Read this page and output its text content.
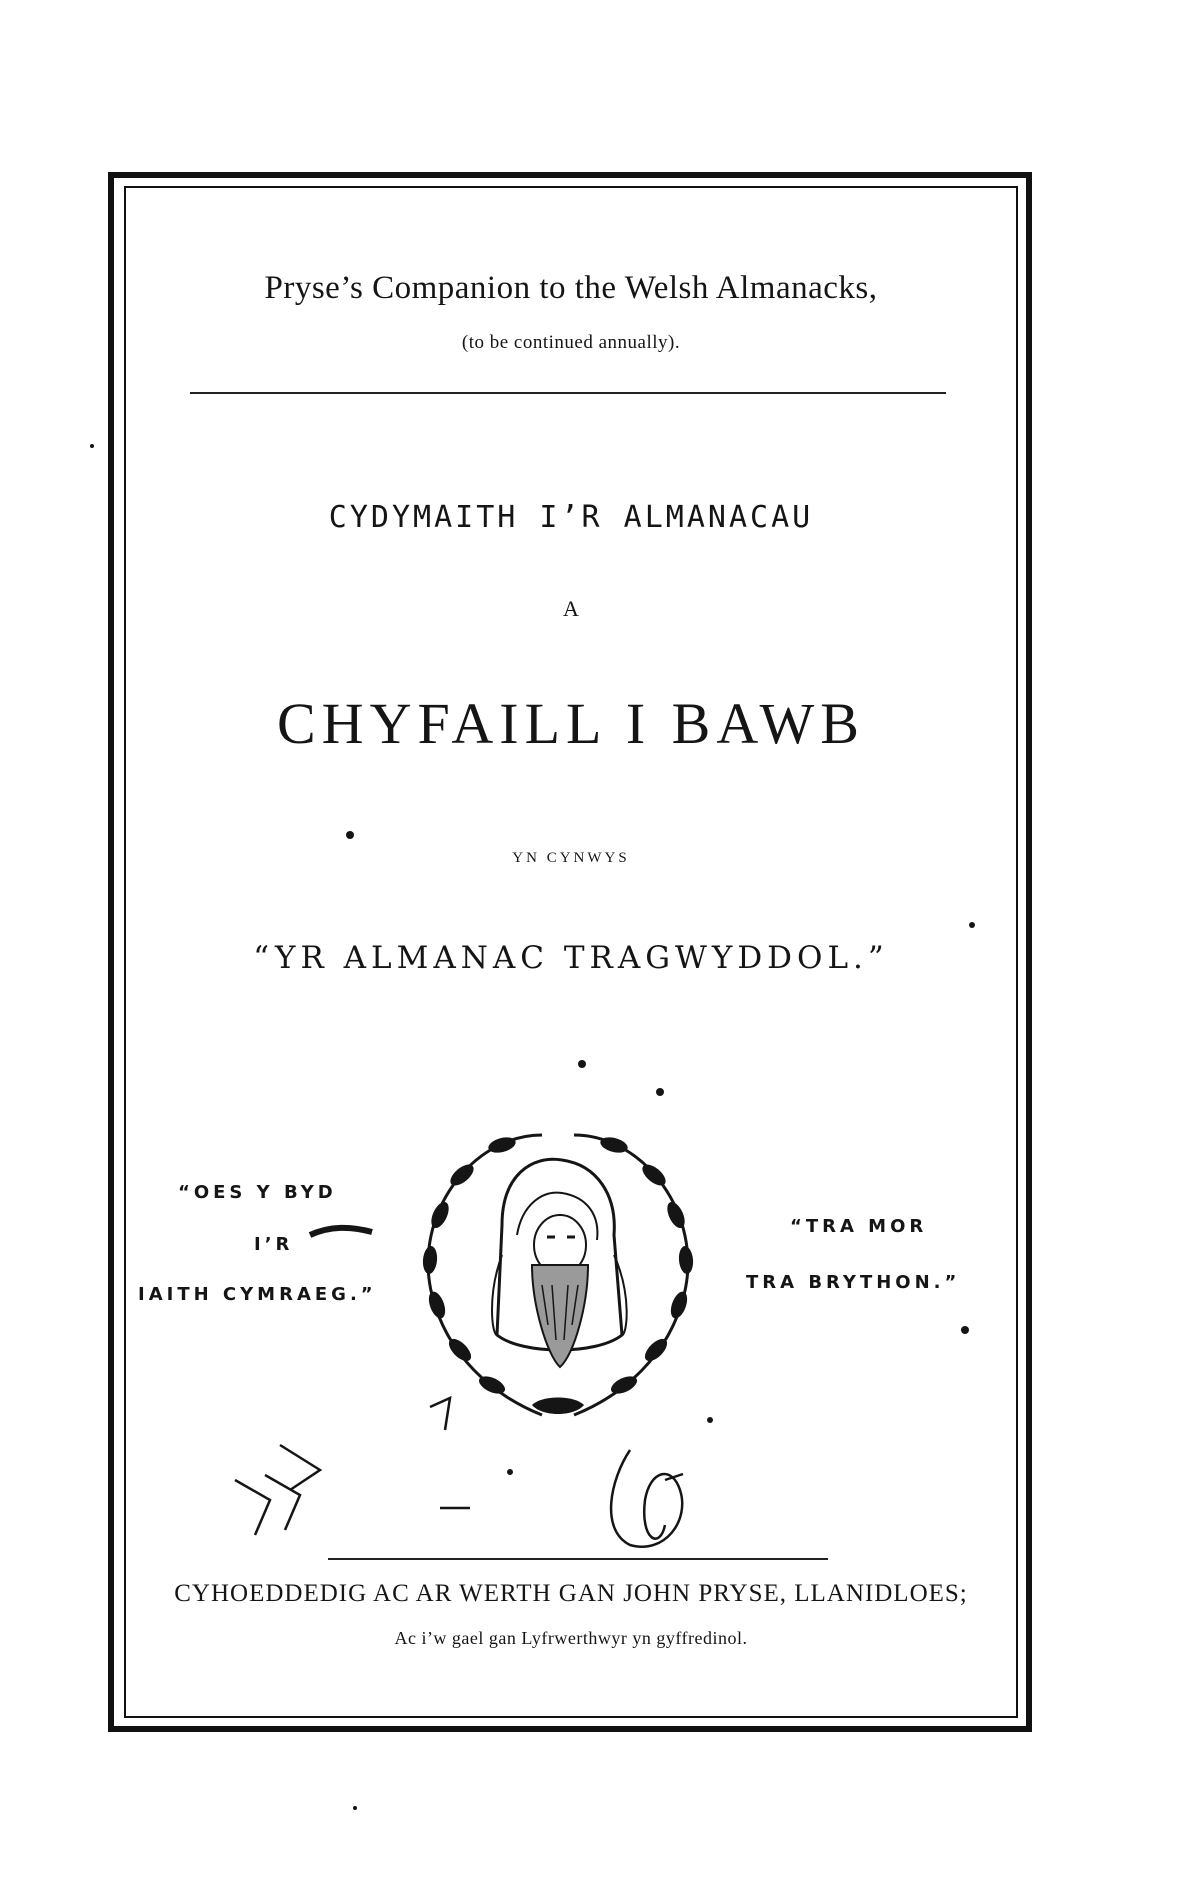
Pryse’s Companion to the Welsh Almanacks,
(to be continued annually).
CYDYMAITH I’R ALMANACAU
A
CHYFAILL I BAWB
YN CYNWYS
“YR ALMANAC TRAGWYDDOL.”
“OES Y BYD
I’R
IAITH CYMRAEG.”
“TRA MOR
TRA BRYTHON.”
CYHOEDDEDIG AC AR WERTH GAN JOHN PRYSE, LLANIDLOES;
Ac i’w gael gan Lyfrwerthwyr yn gyffredinol.
